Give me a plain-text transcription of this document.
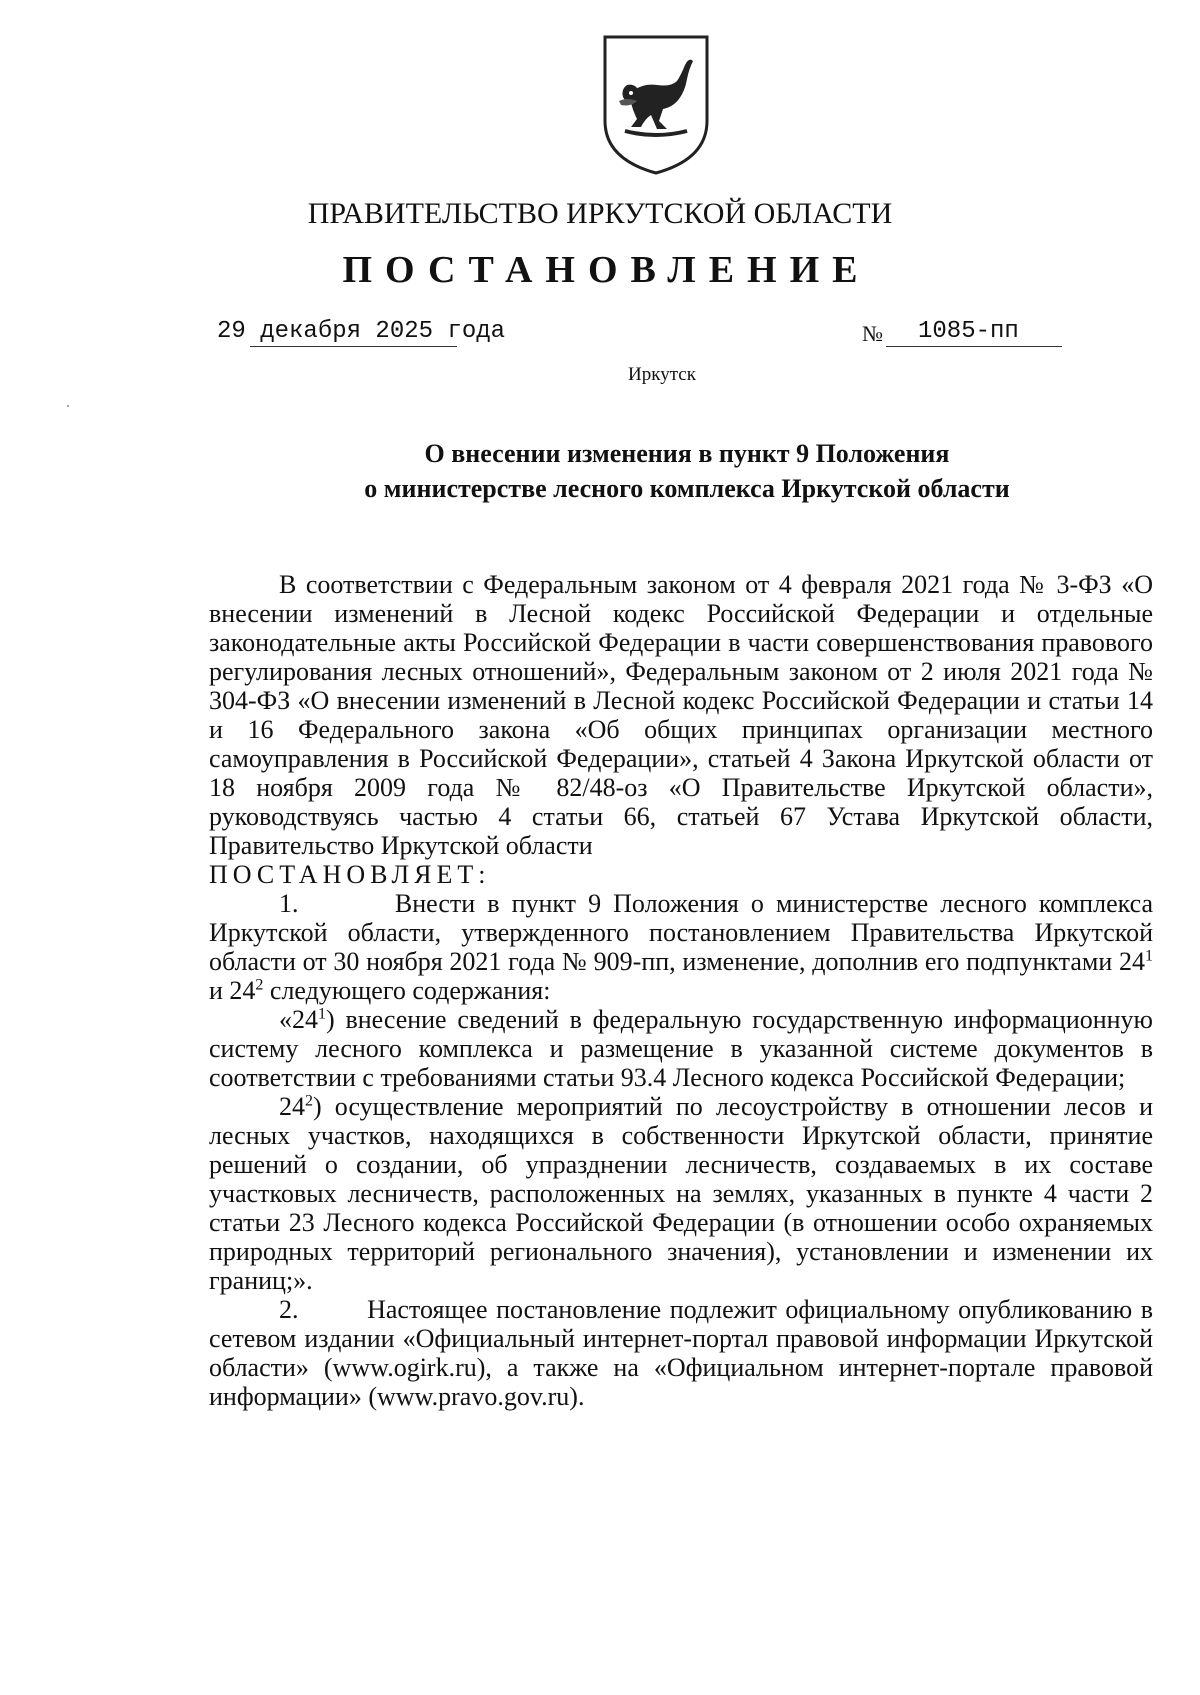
ПРАВИТЕЛЬСТВО ИРКУТСКОЙ ОБЛАСТИ
ПОСТАНОВЛЕНИЕ
29 декабря 2025 года	№ 1085-пп
Иркутск
О внесении изменения в пункт 9 Положения
о министерстве лесного комплекса Иркутской области

В соответствии с Федеральным законом от 4 февраля 2021 года № 3-ФЗ «О внесении изменений в Лесной кодекс Российской Федерации и отдельные законодательные акты Российской Федерации в части совершенствования правового регулирования лесных отношений», Федеральным законом от 2 июля 2021 года № 304-ФЗ «О внесении изменений в Лесной кодекс Российской Федерации и статьи 14 и 16 Федерального закона «Об общих принципах организации местного самоуправления в Российской Федерации», статьей 4 Закона Иркутской области от 18 ноября 2009 года № 82/48-оз «О Правительстве Иркутской области», руководствуясь частью 4 статьи 66, статьей 67 Устава Иркутской области, Правительство Иркутской области

ПОСТАНОВЛЯЕТ:

1.	Внести в пункт 9 Положения о министерстве лесного комплекса Иркутской области, утвержденного постановлением Правительства Иркутской области от 30 ноября 2021 года № 909-пп, изменение, дополнив его подпунктами $24^1$ и $24^2$ следующего содержания:

«$24^1$) внесение сведений в федеральную государственную информационную систему лесного комплекса и размещение в указанной системе документов в соответствии с требованиями статьи 93.4 Лесного кодекса Российской Федерации;

$24^2$) осуществление мероприятий по лесоустройству в отношении лесов и лесных участков, находящихся в собственности Иркутской области, принятие решений о создании, об упразднении лесничеств, создаваемых в их составе участковых лесничеств, расположенных на землях, указанных в пункте 4 части 2 статьи 23 Лесного кодекса Российской Федерации (в отношении особо охраняемых природных территорий регионального значения), установлении и изменении их границ;».

2.	Настоящее постановление подлежит официальному опубликованию в сетевом издании «Официальный интернет-портал правовой информации Иркутской области» (www.ogirk.ru), а также на «Официальном интернет-портале правовой информации» (www.pravo.gov.ru).
